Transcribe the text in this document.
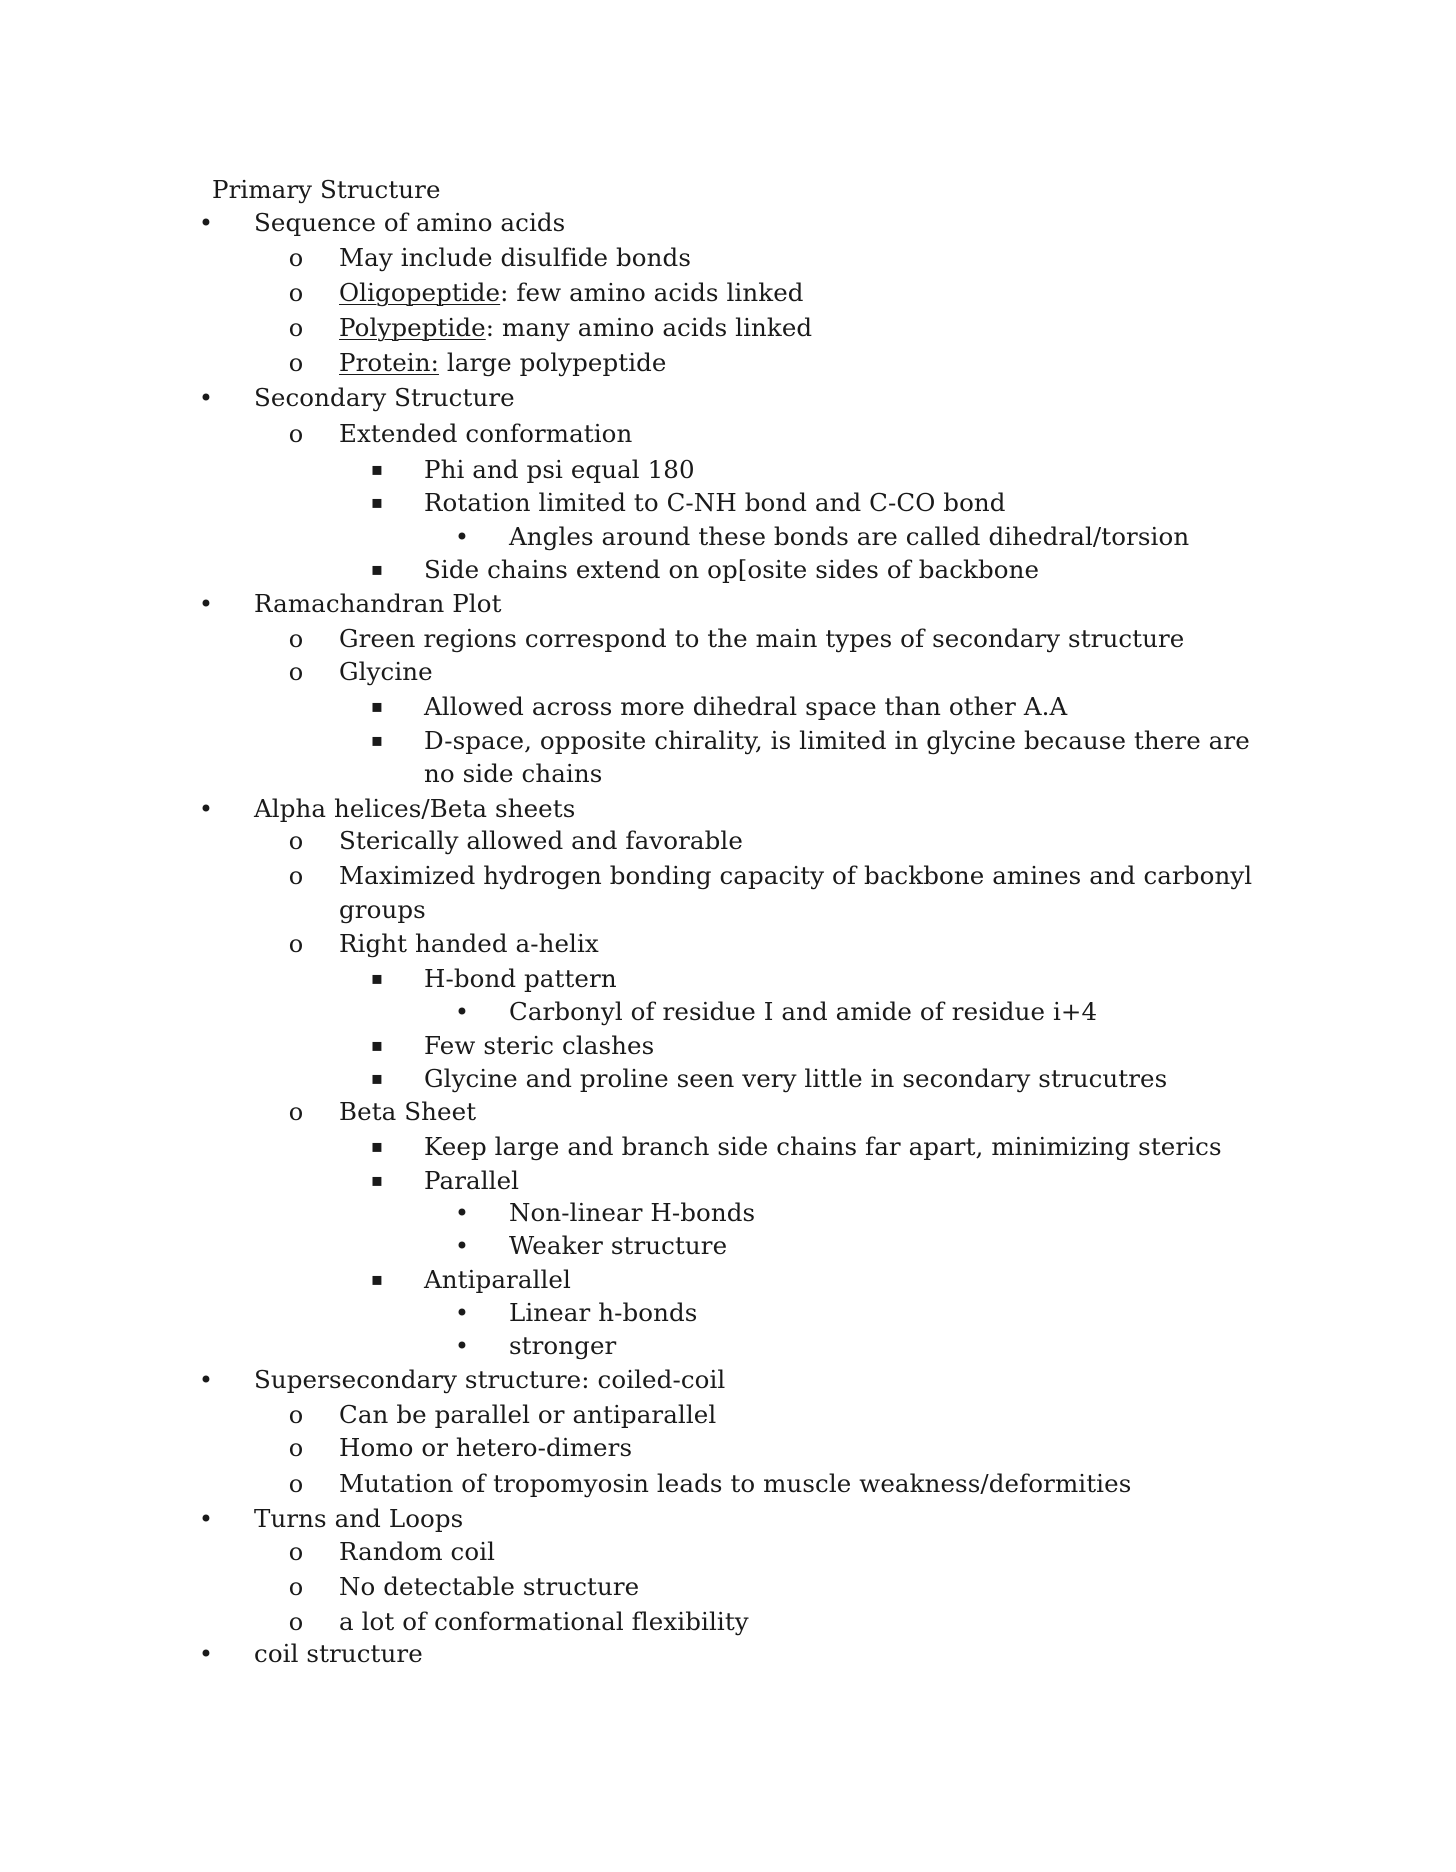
Primary Structure
• Sequence of amino acids
o May include disulfide bonds
o Oligopeptide: few amino acids linked
o Polypeptide: many amino acids linked
o Protein: large polypeptide
• Secondary Structure
o Extended conformation
▪ Phi and psi equal 180
▪ Rotation limited to C-NH bond and C-CO bond
• Angles around these bonds are called dihedral/torsion
▪ Side chains extend on op[osite sides of backbone
• Ramachandran Plot
o Green regions correspond to the main types of secondary structure
o Glycine
▪ Allowed across more dihedral space than other A.A
▪ D-space, opposite chirality, is limited in glycine because there are
no side chains
• Alpha helices/Beta sheets
o Sterically allowed and favorable
o Maximized hydrogen bonding capacity of backbone amines and carbonyl
groups
o Right handed a-helix
▪ H-bond pattern
• Carbonyl of residue I and amide of residue i+4
▪ Few steric clashes
▪ Glycine and proline seen very little in secondary strucutres
o Beta Sheet
▪ Keep large and branch side chains far apart, minimizing sterics
▪ Parallel
• Non-linear H-bonds
• Weaker structure
▪ Antiparallel
• Linear h-bonds
• stronger
• Supersecondary structure: coiled-coil
o Can be parallel or antiparallel
o Homo or hetero-dimers
o Mutation of tropomyosin leads to muscle weakness/deformities
• Turns and Loops
o Random coil
o No detectable structure
o a lot of conformational flexibility
• coil structure
